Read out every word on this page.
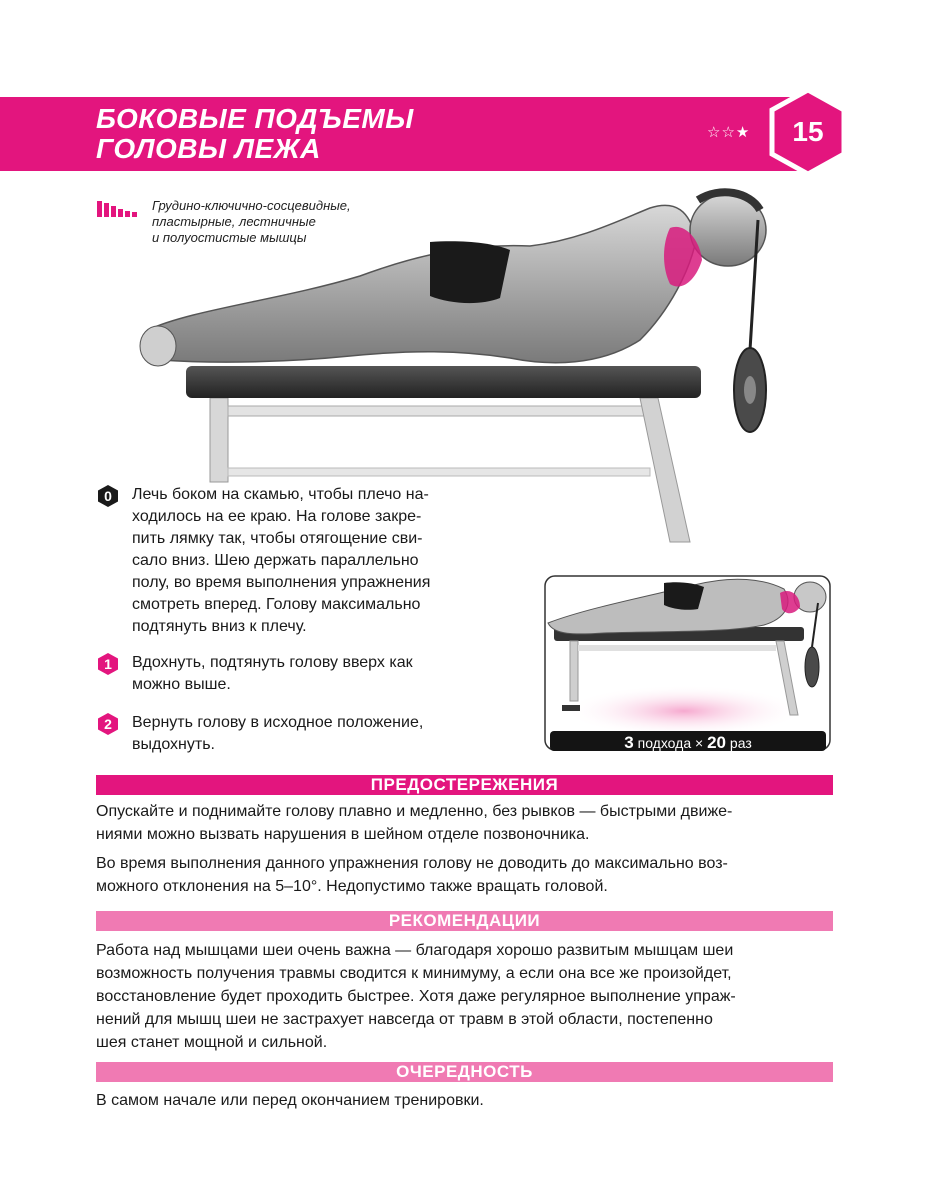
БОКОВЫЕ ПОДЪЕМЫ
ГОЛОВЫ ЛЕЖА
☆☆★	15
Грудино-ключично-сосцевидные,
пластырные, лестничные
и полуостистые мышцы
0 Лечь боком на скамью, чтобы плечо на-
ходилось на ее краю. На голове закре-
пить лямку так, чтобы отягощение сви-
сало вниз. Шею держать параллельно
полу, во время выполнения упражнения
смотреть вперед. Голову максимально
подтянуть вниз к плечу.
1 Вдохнуть, подтянуть голову вверх как
можно выше.
2 Вернуть голову в исходное положение,
выдохнуть.	3 подхода × 20 раз
ПРЕДОСТЕРЕЖЕНИЯ
Опускайте и поднимайте голову плавно и медленно, без рывков — быстрыми движе-
ниями можно вызвать нарушения в шейном отделе позвоночника.
Во время выполнения данного упражнения голову не доводить до максимально воз-
можного отклонения на 5–10°. Недопустимо также вращать головой.
РЕКОМЕНДАЦИИ
Работа над мышцами шеи очень важна — благодаря хорошо развитым мышцам шеи
возможность получения травмы сводится к минимуму, а если она все же произойдет,
восстановление будет проходить быстрее. Хотя даже регулярное выполнение упраж-
нений для мышц шеи не застрахует навсегда от травм в этой области, постепенно
шея станет мощной и сильной.
ОЧЕРЕДНОСТЬ
В самом начале или перед окончанием тренировки.
